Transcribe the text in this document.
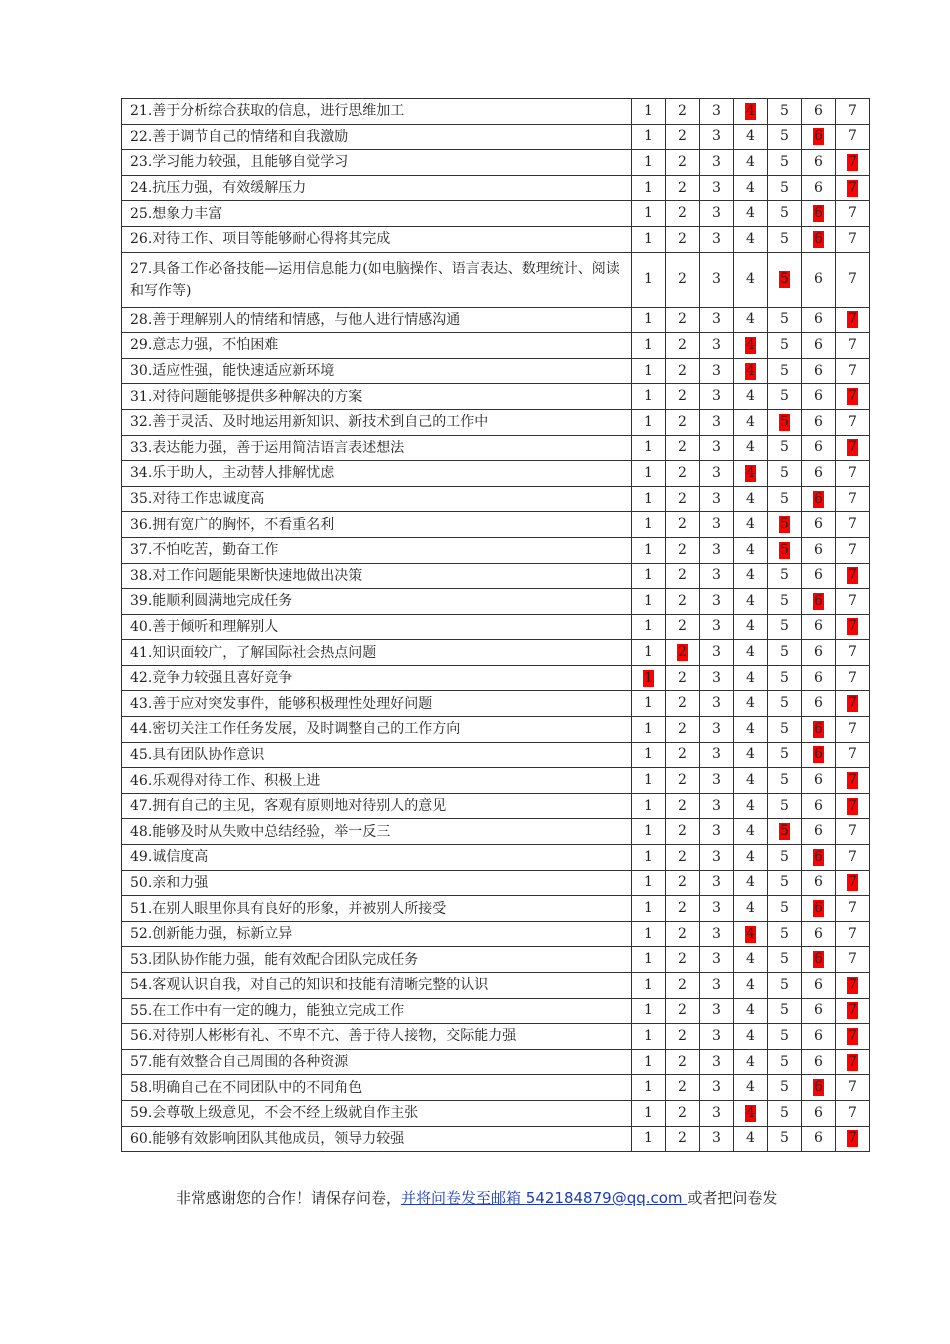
21.善于分析综合获取的信息，进行思维加工	1	2	3	4	5	6	7
22.善于调节自己的情绪和自我激励	1	2	3	4	5	6	7
23.学习能力较强，且能够自觉学习	1	2	3	4	5	6	7
24.抗压力强，有效缓解压力	1	2	3	4	5	6	7
25.想象力丰富	1	2	3	4	5	6	7
26.对待工作、项目等能够耐心得将其完成	1	2	3	4	5	6	7
27.具备工作必备技能—运用信息能力(如电脑操作、语言表达、数理统计、阅读和写作等)	1	2	3	4	5	6	7
28.善于理解别人的情绪和情感，与他人进行情感沟通	1	2	3	4	5	6	7
29.意志力强，不怕困难	1	2	3	4	5	6	7
30.适应性强，能快速适应新环境	1	2	3	4	5	6	7
31.对待问题能够提供多种解决的方案	1	2	3	4	5	6	7
32.善于灵活、及时地运用新知识、新技术到自己的工作中	1	2	3	4	5	6	7
33.表达能力强，善于运用简洁语言表述想法	1	2	3	4	5	6	7
34.乐于助人，主动替人排解忧虑	1	2	3	4	5	6	7
35.对待工作忠诚度高	1	2	3	4	5	6	7
36.拥有宽广的胸怀，不看重名利	1	2	3	4	5	6	7
37.不怕吃苦，勤奋工作	1	2	3	4	5	6	7
38.对工作问题能果断快速地做出决策	1	2	3	4	5	6	7
39.能顺利圆满地完成任务	1	2	3	4	5	6	7
40.善于倾听和理解别人	1	2	3	4	5	6	7
41.知识面较广，了解国际社会热点问题	1	2	3	4	5	6	7
42.竞争力较强且喜好竞争	1	2	3	4	5	6	7
43.善于应对突发事件，能够积极理性处理好问题	1	2	3	4	5	6	7
44.密切关注工作任务发展，及时调整自己的工作方向	1	2	3	4	5	6	7
45.具有团队协作意识	1	2	3	4	5	6	7
46.乐观得对待工作、积极上进	1	2	3	4	5	6	7
47.拥有自己的主见，客观有原则地对待别人的意见	1	2	3	4	5	6	7
48.能够及时从失败中总结经验，举一反三	1	2	3	4	5	6	7
49.诚信度高	1	2	3	4	5	6	7
50.亲和力强	1	2	3	4	5	6	7
51.在别人眼里你具有良好的形象，并被别人所接受	1	2	3	4	5	6	7
52.创新能力强，标新立异	1	2	3	4	5	6	7
53.团队协作能力强，能有效配合团队完成任务	1	2	3	4	5	6	7
54.客观认识自我，对自己的知识和技能有清晰完整的认识	1	2	3	4	5	6	7
55.在工作中有一定的魄力，能独立完成工作	1	2	3	4	5	6	7
56.对待别人彬彬有礼、不卑不亢、善于待人接物，交际能力强	1	2	3	4	5	6	7
57.能有效整合自己周围的各种资源	1	2	3	4	5	6	7
58.明确自己在不同团队中的不同角色	1	2	3	4	5	6	7
59.会尊敬上级意见，不会不经上级就自作主张	1	2	3	4	5	6	7
60.能够有效影响团队其他成员，领导力较强	1	2	3	4	5	6	7
非常感谢您的合作！请保存问卷，并将问卷发至邮箱 542184879@qq.com 或者把问卷发
